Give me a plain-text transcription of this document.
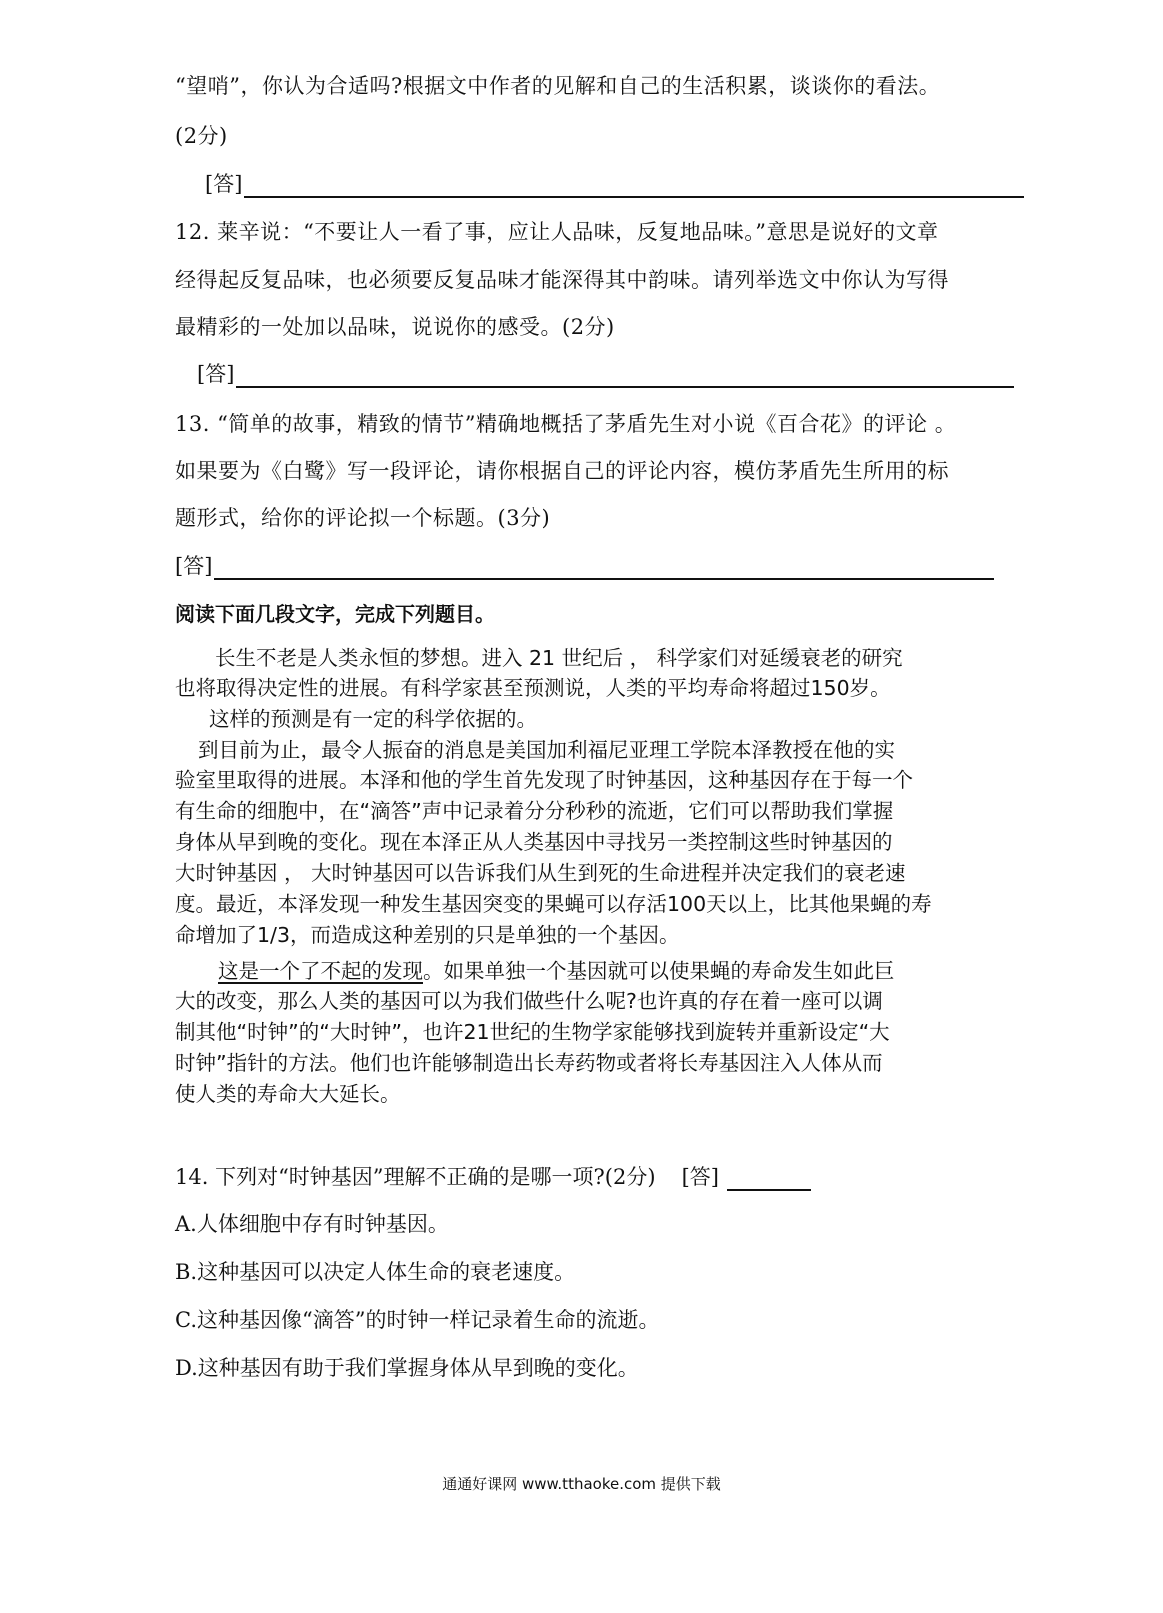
“望哨”，你认为合适吗?根据文中作者的见解和自己的生活积累，谈谈你的看法。
(2分)
[答]
12. 莱辛说：“不要让人一看了事，应让人品味，反复地品味。”意思是说好的文章
经得起反复品味，也必须要反复品味才能深得其中韵味。请列举选文中你认为写得
最精彩的一处加以品味，说说你的感受。(2分)
[答]
13. “简单的故事，精致的情节”精确地概括了茅盾先生对小说《百合花》的评论 。
如果要为《白鹭》写一段评论，请你根据自己的评论内容，模仿茅盾先生所用的标
题形式，给你的评论拟一个标题。(3分)
[答]
阅读下面几段文字，完成下列题目。
长生不老是人类永恒的梦想。进入 21 世纪后 ， 科学家们对延缓衰老的研究
也将取得决定性的进展。有科学家甚至预测说，人类的平均寿命将超过150岁。
这样的预测是有一定的科学依据的。
到目前为止，最令人振奋的消息是美国加利福尼亚理工学院本泽教授在他的实
验室里取得的进展。本泽和他的学生首先发现了时钟基因，这种基因存在于每一个
有生命的细胞中，在“滴答”声中记录着分分秒秒的流逝，它们可以帮助我们掌握
身体从早到晚的变化。现在本泽正从人类基因中寻找另一类控制这些时钟基因的
大时钟基因 ， 大时钟基因可以告诉我们从生到死的生命进程并决定我们的衰老速
度。最近，本泽发现一种发生基因突变的果蝇可以存活100天以上，比其他果蝇的寿
命增加了1/3，而造成这种差别的只是单独的一个基因。
这是一个了不起的发现。如果单独一个基因就可以使果蝇的寿命发生如此巨
大的改变，那么人类的基因可以为我们做些什么呢?也许真的存在着一座可以调
制其他“时钟”的“大时钟”，也许21世纪的生物学家能够找到旋转并重新设定“大
时钟”指针的方法。他们也许能够制造出长寿药物或者将长寿基因注入人体从而
使人类的寿命大大延长。
14. 下列对“时钟基因”理解不正确的是哪一项?(2分) [答]
A.人体细胞中存有时钟基因。
B.这种基因可以决定人体生命的衰老速度。
C.这种基因像“滴答”的时钟一样记录着生命的流逝。
D.这种基因有助于我们掌握身体从早到晚的变化。
通通好课网 www.tthaoke.com 提供下载
